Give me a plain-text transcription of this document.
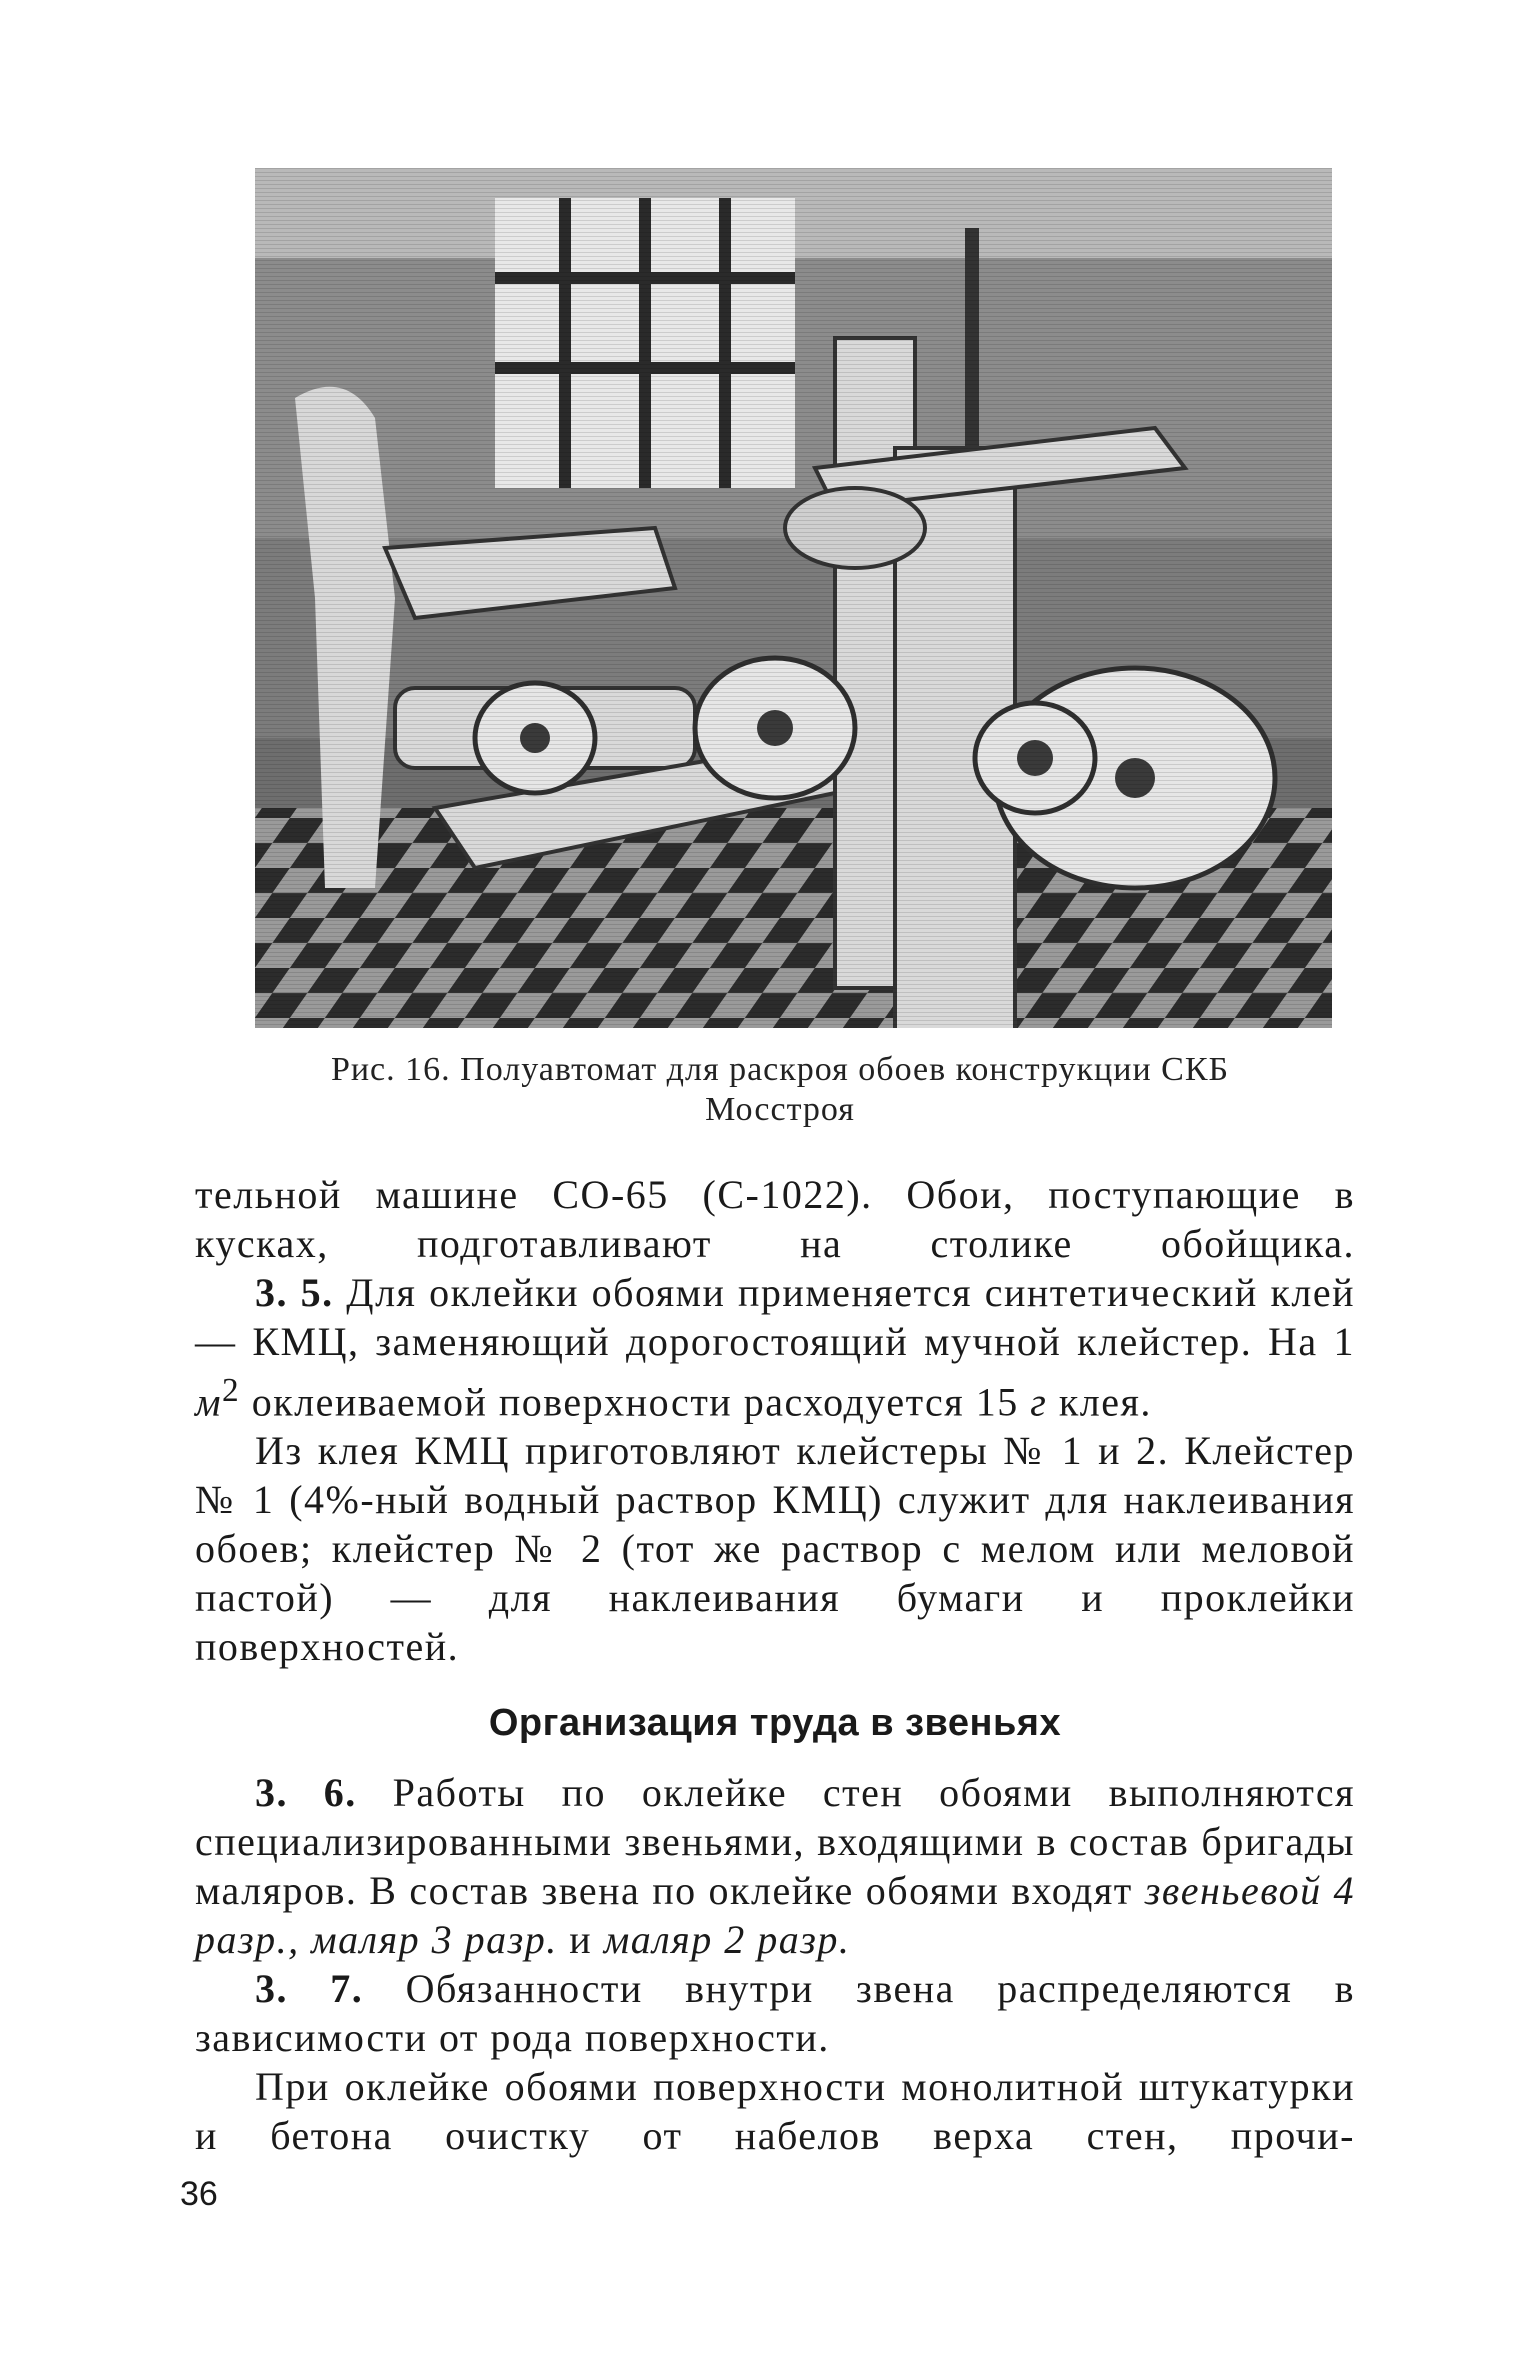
Рис. 16. Полуавтомат для раскроя обоев конструкции СКБ
Мосстроя

тельной машине СО-65 (С-1022). Обои, поступающие в кусках, подготавливают на столике обойщика.

3. 5. Для оклейки обоями применяется синтетический клей — КМЦ, заменяющий дорогостоящий мучной клейстер. На 1 $м^2$ оклеиваемой поверхности расходуется 15 г клея.

Из клея КМЦ приготовляют клейстеры № 1 и 2. Клейстер № 1 (4%-ный водный раствор КМЦ) служит для наклеивания обоев; клейстер № 2 (тот же раствор с мелом или меловой пастой) — для наклеивания бумаги и проклейки поверхностей.

Организация труда в звеньях

3. 6. Работы по оклейке стен обоями выполняются специализированными звеньями, входящими в состав бригады маляров. В состав звена по оклейке обоями входят звеньевой 4 разр., маляр 3 разр. и маляр 2 разр.

3. 7. Обязанности внутри звена распределяются в зависимости от рода поверхности.

При оклейке обоями поверхности монолитной штукатурки и бетона очистку от набелов верха стен, прочи-

36
